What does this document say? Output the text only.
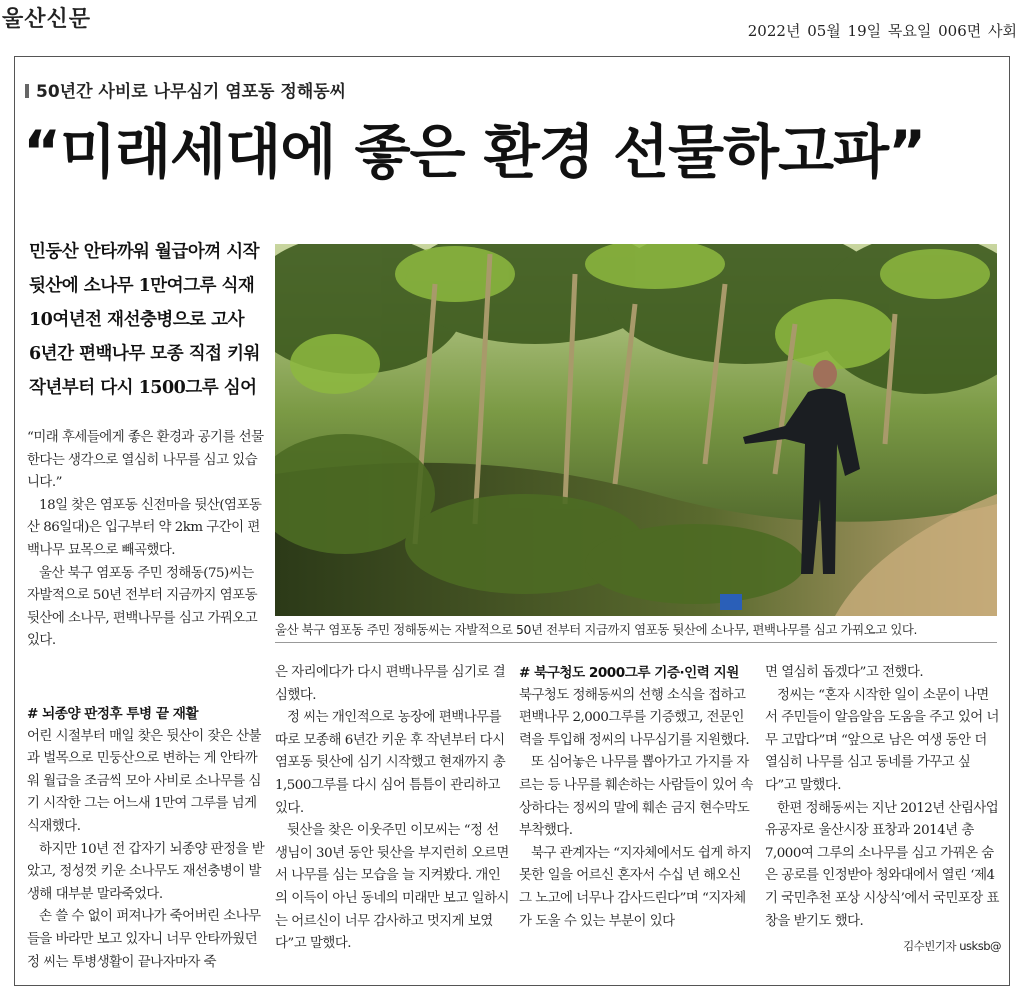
울산신문	2022년 05월 19일 목요일 006면 사회
50년간 사비로 나무심기 염포동 정해동씨
“미래세대에 좋은 환경 선물하고파”
민둥산 안타까워 월급아껴 시작
뒷산에 소나무 1만여그루 식재
10여년전 재선충병으로 고사
6년간 편백나무 모종 직접 키워
작년부터 다시 1500그루 심어
울산 북구 염포동 주민 정해동씨는 자발적으로 50년 전부터 지금까지 염포동 뒷산에 소나무, 편백나무를 심고 가꿔오고 있다.

“미래 후세들에게 좋은 환경과 공기를 선물한다는 생각으로 열심히 나무를 심고 있습니다.”

18일 찾은 염포동 신전마을 뒷산(염포동 산 86일대)은 입구부터 약 2km 구간이 편백나무 묘목으로 빼곡했다.

울산 북구 염포동 주민 정해동(75)씨는 자발적으로 50년 전부터 지금까지 염포동 뒷산에 소나무, 편백나무를 심고 가꿔오고 있다.

# 뇌종양 판정후 투병 끝 재활

어린 시절부터 매일 찾은 뒷산이 잦은 산불과 벌목으로 민둥산으로 변하는 게 안타까워 월급을 조금씩 모아 사비로 소나무를 심기 시작한 그는 어느새 1만여 그루를 넘게 식재했다.

하지만 10년 전 갑자기 뇌종양 판정을 받았고, 정성껏 키운 소나무도 재선충병이 발생해 대부분 말라죽었다.

손 쓸 수 없이 퍼져나가 죽어버린 소나무들을 바라만 보고 있자니 너무 안타까웠던 정 씨는 투병생활이 끝나자마자 죽

은 자리에다가 다시 편백나무를 심기로 결심했다.

정 씨는 개인적으로 농장에 편백나무를 따로 모종해 6년간 키운 후 작년부터 다시 염포동 뒷산에 심기 시작했고 현재까지 총 1,500그루를 다시 심어 틈틈이 관리하고 있다.

뒷산을 찾은 이웃주민 이모씨는 “정 선생님이 30년 동안 뒷산을 부지런히 오르면서 나무를 심는 모습을 늘 지켜봤다. 개인의 이득이 아닌 동네의 미래만 보고 일하시는 어르신이 너무 감사하고 멋지게 보였다”고 말했다.

# 북구청도 2000그루 기증·인력 지원

북구청도 정해동씨의 선행 소식을 접하고 편백나무 2,000그루를 기증했고, 전문인력을 투입해 정씨의 나무심기를 지원했다.

또 심어놓은 나무를 뽑아가고 가지를 자르는 등 나무를 훼손하는 사람들이 있어 속상하다는 정씨의 말에 훼손 금지 현수막도 부착했다.

북구 관계자는 “지자체에서도 쉽게 하지 못한 일을 어르신 혼자서 수십 년 해오신 그 노고에 너무나 감사드린다”며 “지자체가 도울 수 있는 부분이 있다

면 열심히 돕겠다”고 전했다.

정씨는 “혼자 시작한 일이 소문이 나면서 주민들이 알음알음 도움을 주고 있어 너무 고맙다”며 “앞으로 남은 여생 동안 더 열심히 나무를 심고 동네를 가꾸고 싶다”고 말했다.

한편 정해동씨는 지난 2012년 산림사업 유공자로 울산시장 표창과 2014년 총 7,000여 그루의 소나무를 심고 가꿔온 숨은 공로를 인정받아 청와대에서 열린 ‘제4기 국민추천 포상 시상식’에서 국민포장 표창을 받기도 했다.

김수빈기자 usksb@
